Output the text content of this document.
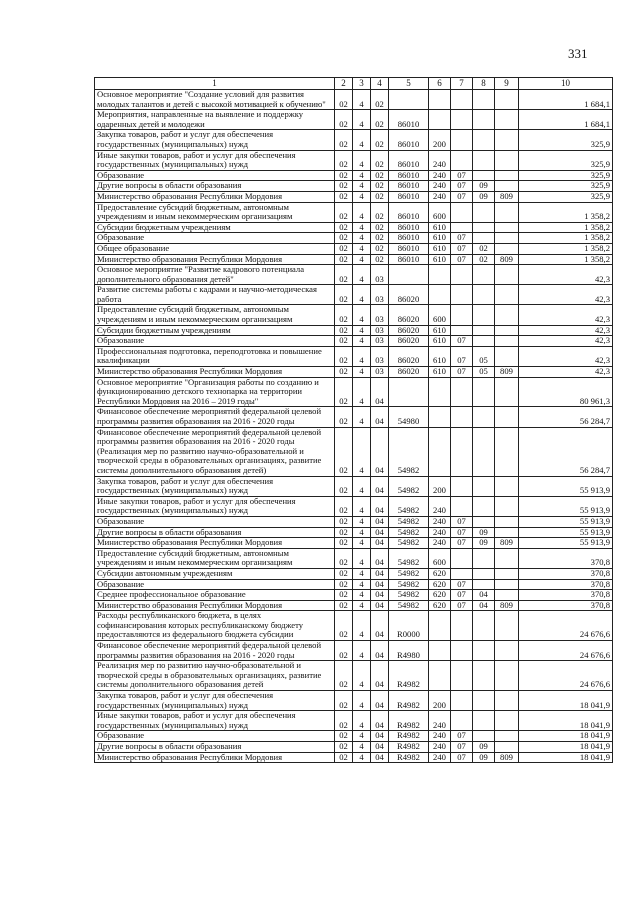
331
1	2	3	4	5	6	7	8	9	10
Основное мероприятие "Создание условий для развития молодых талантов и детей с высокой мотивацией к обучению"	02	4	02						1 684,1
Мероприятия, направленные на выявление и поддержку одаренных детей и молодежи	02	4	02	86010					1 684,1
Закупка товаров, работ и услуг для обеспечения государственных (муниципальных) нужд	02	4	02	86010	200				325,9
Иные закупки товаров, работ и услуг для обеспечения государственных (муниципальных) нужд	02	4	02	86010	240				325,9
Образование	02	4	02	86010	240	07			325,9
Другие вопросы в области образования	02	4	02	86010	240	07	09		325,9
Министерство образования Республики Мордовия	02	4	02	86010	240	07	09	809	325,9
Предоставление субсидий бюджетным, автономным учреждениям и иным некоммерческим организациям	02	4	02	86010	600				1 358,2
Субсидии бюджетным учреждениям	02	4	02	86010	610				1 358,2
Образование	02	4	02	86010	610	07			1 358,2
Общее образование	02	4	02	86010	610	07	02		1 358,2
Министерство образования Республики Мордовия	02	4	02	86010	610	07	02	809	1 358,2
Основное мероприятие "Развитие кадрового потенциала дополнительного образования детей"	02	4	03						42,3
Развитие системы работы с кадрами и научно-методическая работа	02	4	03	86020					42,3
Предоставление субсидий бюджетным, автономным учреждениям и иным некоммерческим организациям	02	4	03	86020	600				42,3
Субсидии бюджетным учреждениям	02	4	03	86020	610				42,3
Образование	02	4	03	86020	610	07			42,3
Профессиональная подготовка, переподготовка и повышение квалификации	02	4	03	86020	610	07	05		42,3
Министерство образования Республики Мордовия	02	4	03	86020	610	07	05	809	42,3
Основное мероприятие "Организация работы по созданию и функционированию детского технопарка на территории Республики Мордовия на 2016 – 2019 годы"	02	4	04						80 961,3
Финансовое обеспечение мероприятий федеральной целевой программы развития образования на 2016 - 2020 годы	02	4	04	54980					56 284,7
Финансовое обеспечение мероприятий федеральной целевой программы развития образования на 2016 - 2020 годы (Реализация мер по развитию научно-образовательной и творческой среды в образовательных организациях, развитие системы дополнительного образования детей)	02	4	04	54982					56 284,7
Закупка товаров, работ и услуг для обеспечения государственных (муниципальных) нужд	02	4	04	54982	200				55 913,9
Иные закупки товаров, работ и услуг для обеспечения государственных (муниципальных) нужд	02	4	04	54982	240				55 913,9
Образование	02	4	04	54982	240	07			55 913,9
Другие вопросы в области образования	02	4	04	54982	240	07	09		55 913,9
Министерство образования Республики Мордовия	02	4	04	54982	240	07	09	809	55 913,9
Предоставление субсидий бюджетным, автономным учреждениям и иным некоммерческим организациям	02	4	04	54982	600				370,8
Субсидии автономным учреждениям	02	4	04	54982	620				370,8
Образование	02	4	04	54982	620	07			370,8
Среднее профессиональное образование	02	4	04	54982	620	07	04		370,8
Министерство образования Республики Мордовия	02	4	04	54982	620	07	04	809	370,8
Расходы республиканского бюджета, в целях софинансирования которых республиканскому бюджету предоставляются из федерального бюджета субсидии	02	4	04	R0000					24 676,6
Финансовое обеспечение мероприятий федеральной целевой программы развития образования на 2016 - 2020 годы	02	4	04	R4980					24 676,6
Реализация мер по развитию научно-образовательной и творческой среды в образовательных организациях, развитие системы дополнительного образования детей	02	4	04	R4982					24 676,6
Закупка товаров, работ и услуг для обеспечения государственных (муниципальных) нужд	02	4	04	R4982	200				18 041,9
Иные закупки товаров, работ и услуг для обеспечения государственных (муниципальных) нужд	02	4	04	R4982	240				18 041,9
Образование	02	4	04	R4982	240	07			18 041,9
Другие вопросы в области образования	02	4	04	R4982	240	07	09		18 041,9
Министерство образования Республики Мордовия	02	4	04	R4982	240	07	09	809	18 041,9
